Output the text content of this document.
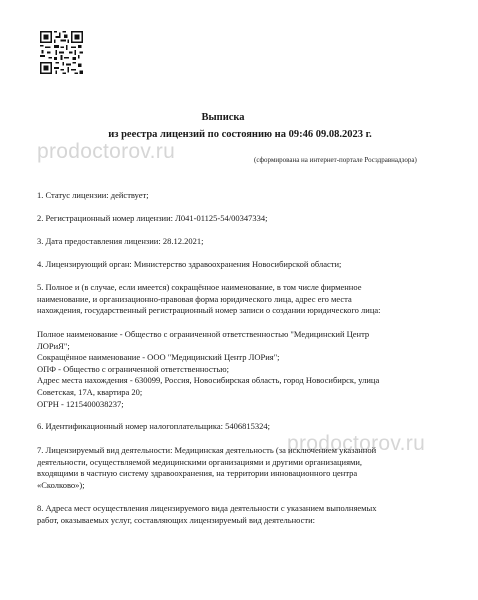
Выписка
из реестра лицензий по состоянию на 09:46 09.08.2023 г.
(сформирована на интернет-портале Росздравнадзора)
prodoctorov.ru
prodoctorov.ru
1. Статус лицензии: действует;
2. Регистрационный номер лицензии: Л041-01125-54/00347334;
3. Дата предоставления лицензии: 28.12.2021;
4. Лицензирующий орган: Министерство здравоохранения Новосибирской области;
5. Полное и (в случае, если имеется) сокращённое наименование, в том числе фирменное
наименование, и организационно-правовая форма юридического лица, адрес его места
нахождения, государственный регистрационный номер записи о создании юридического лица:
Полное наименование - Общество с ограниченной ответственностью "Медицинский Центр
ЛОРиЯ";
Сокращённое наименование - ООО "Медицинский Центр ЛОРия";
ОПФ - Общество с ограниченной ответственностью;
Адрес места нахождения - 630099, Россия, Новосибирская область, город Новосибирск, улица
Советская, 17А, квартира 20;
ОГРН - 1215400038237;
6. Идентификационный номер налогоплательщика: 5406815324;
7. Лицензируемый вид деятельности: Медицинская деятельность (за исключением указанной
деятельности, осуществляемой медицинскими организациями и другими организациями,
входящими в частную систему здравоохранения, на территории инновационного центра
«Сколково»);
8. Адреса мест осуществления лицензируемого вида деятельности с указанием выполняемых
работ, оказываемых услуг, составляющих лицензируемый вид деятельности:
